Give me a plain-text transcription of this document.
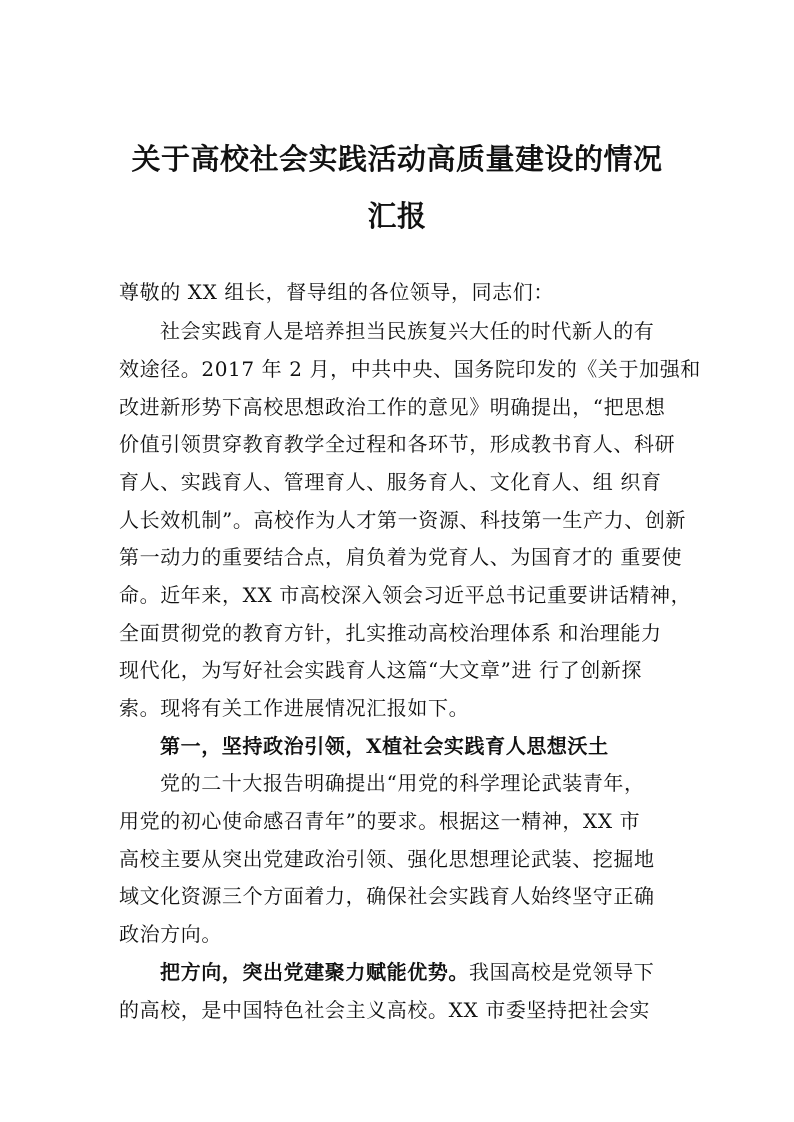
关于高校社会实践活动高质量建设的情况
汇报
尊敬的 XX 组长，督导组的各位领导，同志们：
社会实践育人是培养担当民族复兴大任的时代新人的有
效途径。2017 年 2 月，中共中央、国务院印发的《关于加强和
改进新形势下高校思想政治工作的意见》明确提出，“把思想
价值引领贯穿教育教学全过程和各环节，形成教书育人、科研
育人、实践育人、管理育人、服务育人、文化育人、组 织育
人长效机制”。高校作为人才第一资源、科技第一生产力、创新
第一动力的重要结合点，肩负着为党育人、为国育才的 重要使
命。近年来，XX 市高校深入领会习近平总书记重要讲话精神，
全面贯彻党的教育方针，扎实推动高校治理体系 和治理能力
现代化，为写好社会实践育人这篇“大文章”进 行了创新探
索。现将有关工作进展情况汇报如下。
第一，坚持政治引领，X植社会实践育人思想沃土
党的二十大报告明确提出“用党的科学理论武装青年，
用党的初心使命感召青年”的要求。根据这一精神，XX 市
高校主要从突出党建政治引领、强化思想理论武装、挖掘地
域文化资源三个方面着力，确保社会实践育人始终坚守正确
政治方向。
把方向，突出党建聚力赋能优势。我国高校是党领导下
的高校，是中国特色社会主义高校。XX 市委坚持把社会实
